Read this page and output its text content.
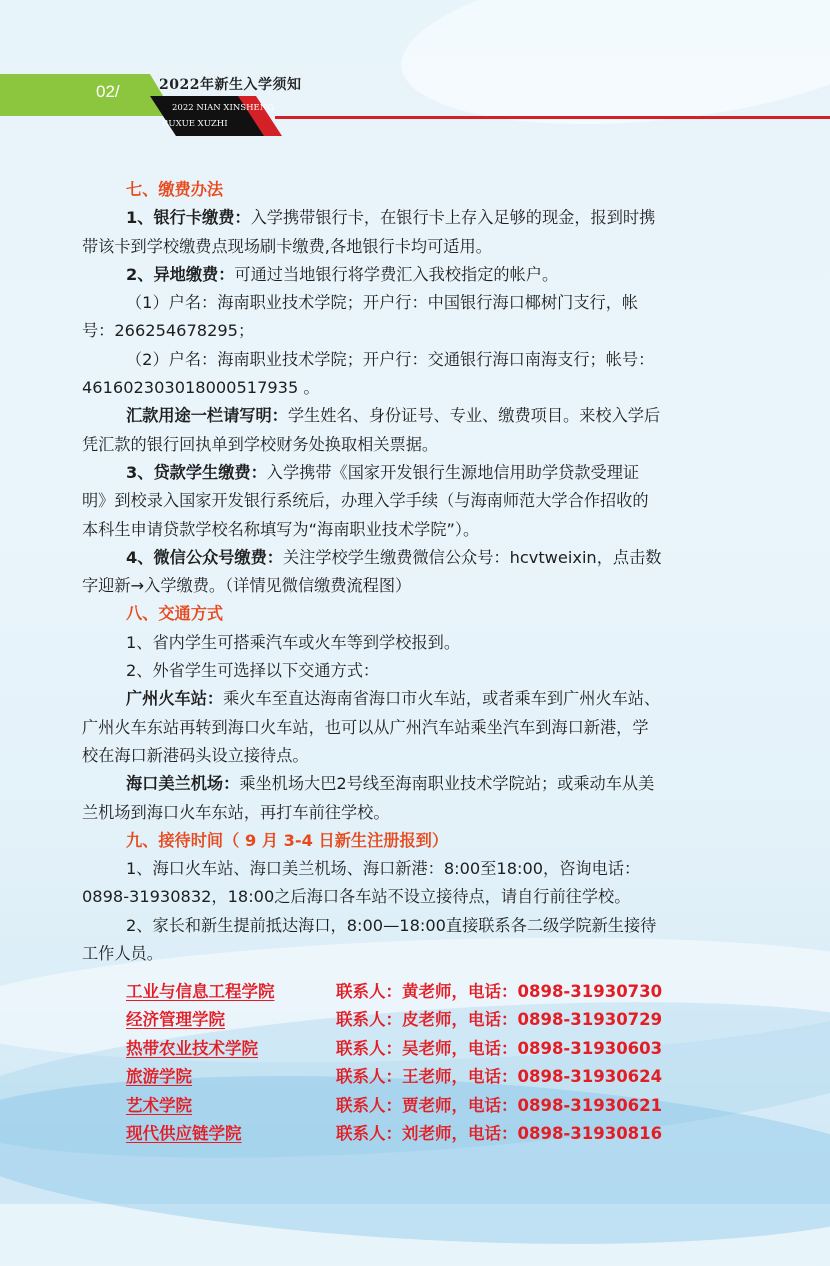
02/	2022年新生入学须知
2022 NIAN XINSHENG
RUXUE XUZHI
七、缴费办法
1、银行卡缴费：入学携带银行卡，在银行卡上存入足够的现金，报到时携
带该卡到学校缴费点现场刷卡缴费,各地银行卡均可适用。
2、异地缴费：可通过当地银行将学费汇入我校指定的帐户。
（1）户名：海南职业技术学院；开户行：中国银行海口椰树门支行，帐
号：266254678295；
（2）户名：海南职业技术学院；开户行：交通银行海口南海支行；帐号：
461602303018000517935 。
汇款用途一栏请写明：学生姓名、身份证号、专业、缴费项目。来校入学后
凭汇款的银行回执单到学校财务处换取相关票据。
3、贷款学生缴费：入学携带《国家开发银行生源地信用助学贷款受理证
明》到校录入国家开发银行系统后，办理入学手续（与海南师范大学合作招收的
本科生申请贷款学校名称填写为“海南职业技术学院”）。
4、微信公众号缴费：关注学校学生缴费微信公众号：hcvtweixin，点击数
字迎新→入学缴费。（详情见微信缴费流程图）
八、交通方式
1、省内学生可搭乘汽车或火车等到学校报到。
2、外省学生可选择以下交通方式：
广州火车站：乘火车至直达海南省海口市火车站，或者乘车到广州火车站、
广州火车东站再转到海口火车站，也可以从广州汽车站乘坐汽车到海口新港，学
校在海口新港码头设立接待点。
海口美兰机场：乘坐机场大巴2号线至海南职业技术学院站；或乘动车从美
兰机场到海口火车东站，再打车前往学校。
九、接待时间（ 9 月 3-4 日新生注册报到）
1、海口火车站、海口美兰机场、海口新港：8:00至18:00，咨询电话：
0898-31930832，18:00之后海口各车站不设立接待点，请自行前往学校。
2、家长和新生提前抵达海口，8:00—18:00直接联系各二级学院新生接待
工作人员。
工业与信息工程学院	联系人：黄老师，电话：0898-31930730
经济管理学院	联系人：皮老师，电话：0898-31930729
热带农业技术学院	联系人：吴老师，电话：0898-31930603
旅游学院	联系人：王老师，电话：0898-31930624
艺术学院	联系人：贾老师，电话：0898-31930621
现代供应链学院	联系人：刘老师，电话：0898-31930816
